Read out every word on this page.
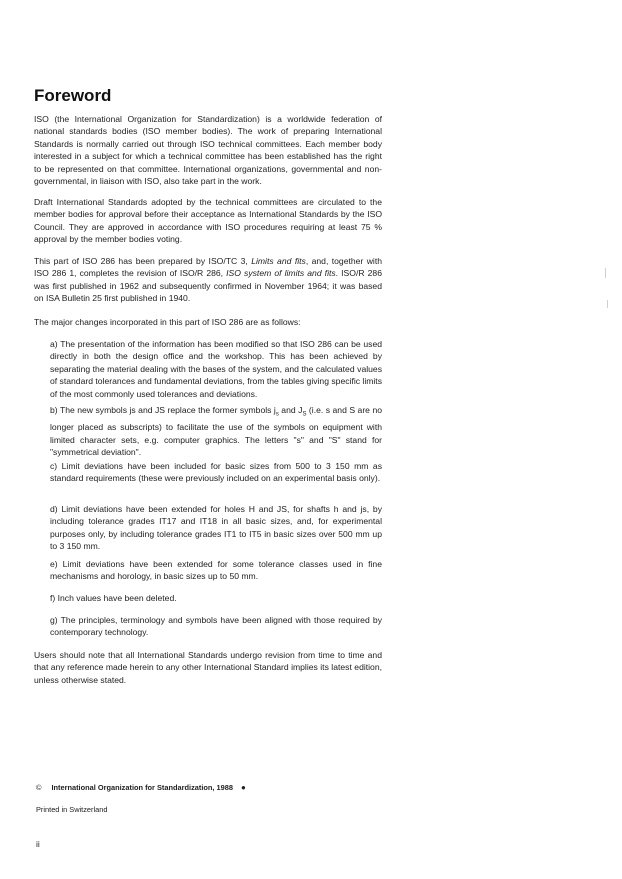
Foreword

ISO (the International Organization for Standardization) is a worldwide federation of national standards bodies (ISO member bodies). The work of preparing International Standards is normally carried out through ISO technical committees. Each member body interested in a subject for which a technical committee has been established has the right to be represented on that committee. International organizations, governmental and non-governmental, in liaison with ISO, also take part in the work.

Draft International Standards adopted by the technical committees are circulated to the member bodies for approval before their acceptance as International Standards by the ISO Council. They are approved in accordance with ISO procedures requiring at least 75 % approval by the member bodies voting.

This part of ISO 286 has been prepared by ISO/TC 3, Limits and fits, and, together with ISO 286 1, completes the revision of ISO/R 286, ISO system of limits and fits. ISO/R 286 was first published in 1962 and subsequently confirmed in November 1964; it was based on ISA Bulletin 25 first published in 1940.

The major changes incorporated in this part of ISO 286 are as follows:

a) The presentation of the information has been modified so that ISO 286 can be used directly in both the design office and the workshop. This has been achieved by separating the material dealing with the bases of the system, and the calculated values of standard tolerances and fundamental deviations, from the tables giving specific limits of the most commonly used tolerances and deviations.

b) The new symbols js and JS replace the former symbols $j_s$ and $J_S$ (i.e. s and S are no longer placed as subscripts) to facilitate the use of the symbols on equipment with limited character sets, e.g. computer graphics. The letters "s" and "S" stand for "symmetrical deviation".

c) Limit deviations have been included for basic sizes from 500 to 3 150 mm as standard requirements (these were previously included on an experimental basis only).

d) Limit deviations have been extended for holes H and JS, for shafts h and js, by including tolerance grades IT17 and IT18 in all basic sizes, and, for experimental purposes only, by including tolerance grades IT1 to IT5 in basic sizes over 500 mm up to 3 150 mm.

e) Limit deviations have been extended for some tolerance classes used in fine mechanisms and horology, in basic sizes up to 50 mm.

f) Inch values have been deleted.

g) The principles, terminology and symbols have been aligned with those required by contemporary technology.

Users should note that all International Standards undergo revision from time to time and that any reference made herein to any other International Standard implies its latest edition, unless otherwise stated.

© International Organization for Standardization, 1988 ●

Printed in Switzerland

ii
